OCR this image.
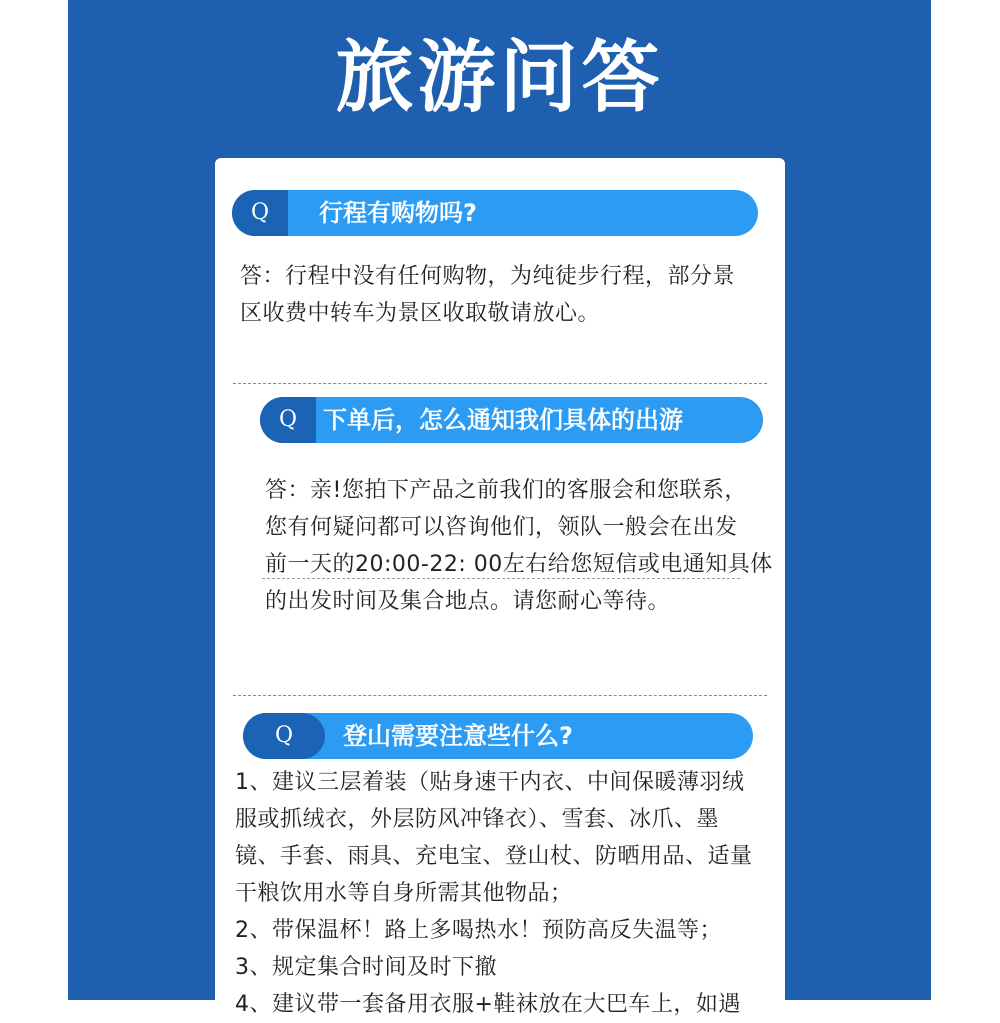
旅游问答
Q	行程有购物吗?

答：行程中没有任何购物，为纯徒步行程，部分景

区收费中转车为景区收取敬请放心。

Q	下单后，怎么通知我们具体的出游

答：亲!您拍下产品之前我们的客服会和您联系，

您有何疑问都可以咨询他们，领队一般会在出发

前一天的20:00-22: 00左右给您短信或电通知具体

的出发时间及集合地点。请您耐心等待。

Q	登山需要注意些什么?

1、建议三层着装（贴身速干内衣、中间保暖薄羽绒

服或抓绒衣，外层防风冲锋衣）、雪套、冰爪、墨

镜、手套、雨具、充电宝、登山杖、防晒用品、适量

干粮饮用水等自身所需其他物品；

2、带保温杯！路上多喝热水！预防高反失温等；

3、规定集合时间及时下撤

4、建议带一套备用衣服+鞋袜放在大巴车上，如遇
